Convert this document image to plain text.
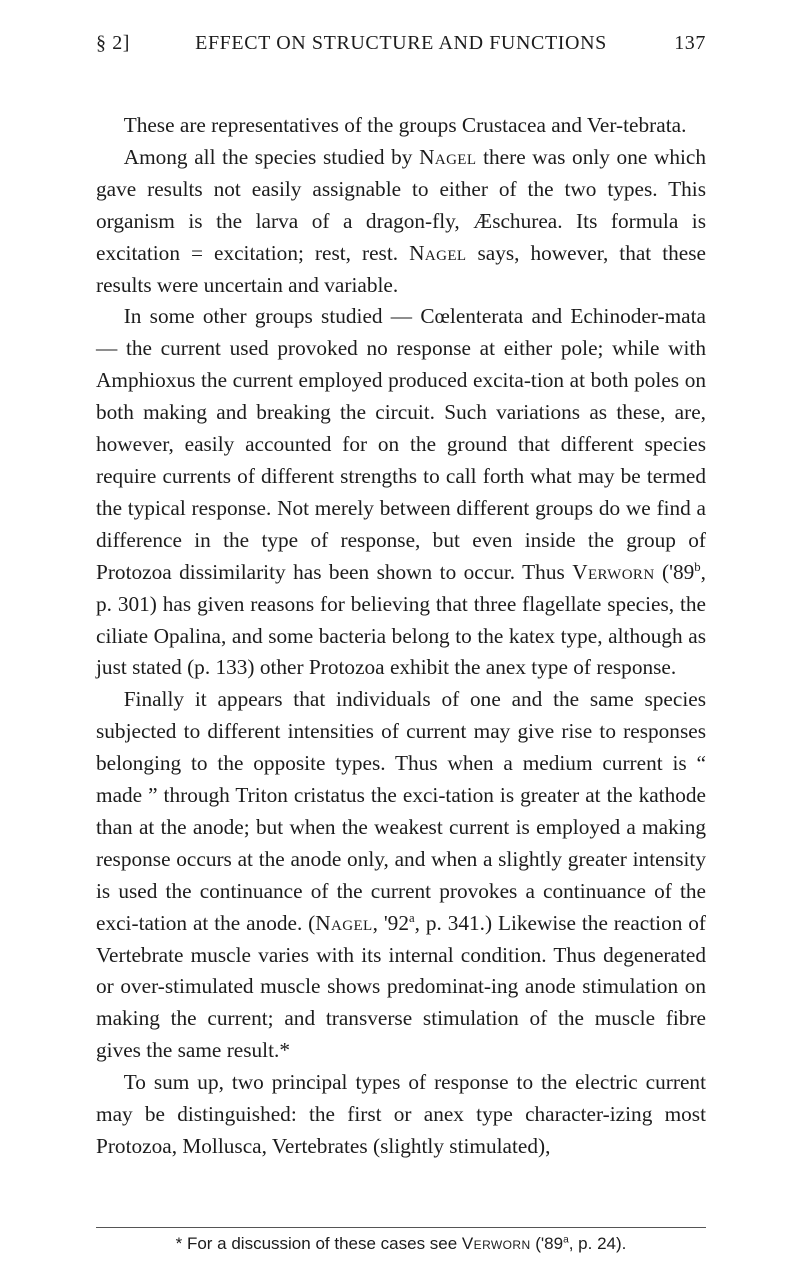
§ 2]	EFFECT ON STRUCTURE AND FUNCTIONS	137

These are representatives of the groups Crustacea and Ver-tebrata.

Among all the species studied by Nagel there was only one which gave results not easily assignable to either of the two types. This organism is the larva of a dragon-fly, Æschurea. Its formula is excitation = excitation; rest, rest. Nagel says, however, that these results were uncertain and variable.

In some other groups studied — Cœlenterata and Echinoder-mata — the current used provoked no response at either pole; while with Amphioxus the current employed produced excita-tion at both poles on both making and breaking the circuit. Such variations as these, are, however, easily accounted for on the ground that different species require currents of different strengths to call forth what may be termed the typical response. Not merely between different groups do we find a difference in the type of response, but even inside the group of Protozoa dissimilarity has been shown to occur. Thus Verworn ('89$^b$, p. 301) has given reasons for believing that three flagellate species, the ciliate Opalina, and some bacteria belong to the katex type, although as just stated (p. 133) other Protozoa exhibit the anex type of response.

Finally it appears that individuals of one and the same species subjected to different intensities of current may give rise to responses belonging to the opposite types. Thus when a medium current is “ made ” through Triton cristatus the exci-tation is greater at the kathode than at the anode; but when the weakest current is employed a making response occurs at the anode only, and when a slightly greater intensity is used the continuance of the current provokes a continuance of the exci-tation at the anode. (Nagel, '92$^a$, p. 341.) Likewise the reaction of Vertebrate muscle varies with its internal condition. Thus degenerated or over-stimulated muscle shows predominat-ing anode stimulation on making the current; and transverse stimulation of the muscle fibre gives the same result.*

To sum up, two principal types of response to the electric current may be distinguished: the first or anex type character-izing most Protozoa, Mollusca, Vertebrates (slightly stimulated),

* For a discussion of these cases see Verworn ('89$^a$, p. 24).
